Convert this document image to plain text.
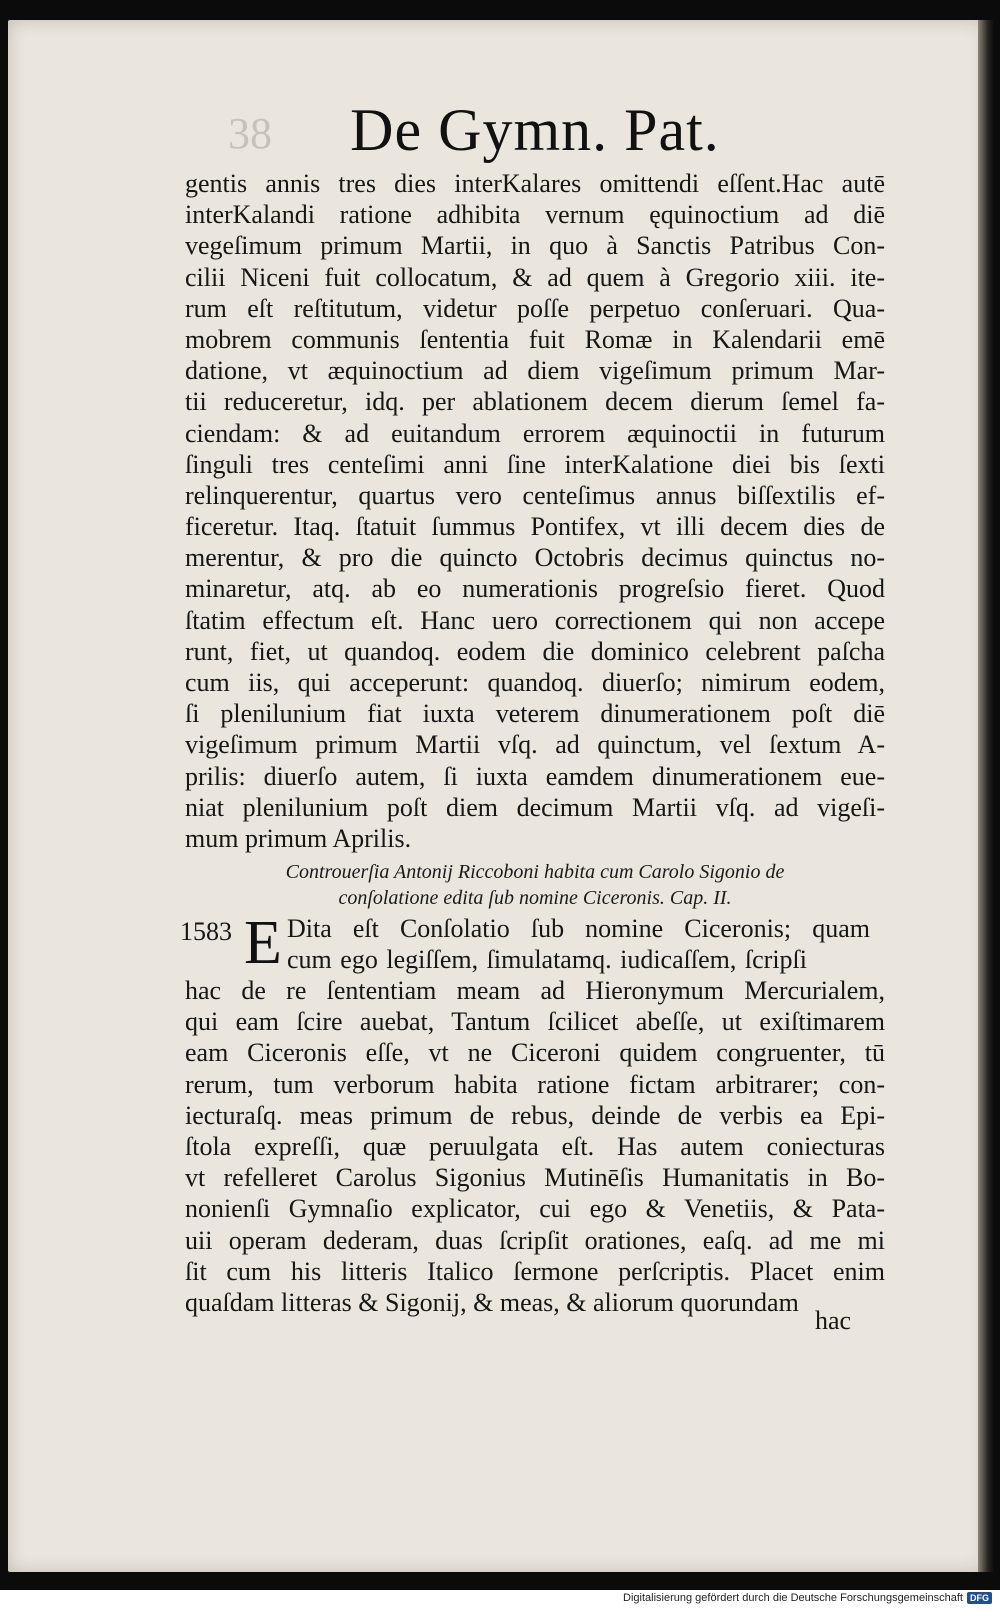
38	De Gymn. Pat.
gentis annis tres dies interKalares omittendi eſſent.Hac autē
interKalandi ratione adhibita vernum ęquinoctium ad diē
vegeſimum primum Martii, in quo à Sanctis Patribus Con-
cilii Niceni fuit collocatum, & ad quem à Gregorio xiii. ite-
rum eſt reſtitutum, videtur poſſe perpetuo conſeruari. Qua-
mobrem communis ſententia fuit Romæ in Kalendarii emē
datione, vt æquinoctium ad diem vigeſimum primum Mar-
tii reduceretur, idq. per ablationem decem dierum ſemel fa-
ciendam: & ad euitandum errorem æquinoctii in futurum
ſinguli tres centeſimi anni ſine interKalatione diei bis ſexti
relinquerentur, quartus vero centeſimus annus biſſextilis ef-
ficeretur. Itaq. ſtatuit ſummus Pontifex, vt illi decem dies de
merentur, & pro die quincto Octobris decimus quinctus no-
minaretur, atq. ab eo numerationis progreſsio fieret. Quod
ſtatim effectum eſt. Hanc uero correctionem qui non accepe
runt, fiet, ut quandoq. eodem die dominico celebrent paſcha
cum iis, qui acceperunt: quandoq. diuerſo; nimirum eodem,
ſi plenilunium fiat iuxta veterem dinumerationem poſt diē
vigeſimum primum Martii vſq. ad quinctum, vel ſextum A-
prilis: diuerſo autem, ſi iuxta eamdem dinumerationem eue-
niat plenilunium poſt diem decimum Martii vſq. ad vigeſi-
mum primum Aprilis.
Controuerſia Antonij Riccoboni habita cum Carolo Sigonio de
conſolatione edita ſub nomine Ciceronis. Cap. II.
1583 E Dita eſt Conſolatio ſub nomine Ciceronis; quam
cum ego legiſſem, ſimulatamq. iudicaſſem, ſcripſi
hac de re ſententiam meam ad Hieronymum Mercurialem,
qui eam ſcire auebat, Tantum ſcilicet abeſſe, ut exiſtimarem
eam Ciceronis eſſe, vt ne Ciceroni quidem congruenter, tū
rerum, tum verborum habita ratione fictam arbitrarer; con-
iecturaſq. meas primum de rebus, deinde de verbis ea Epi-
ſtola expreſſi, quæ peruulgata eſt. Has autem coniecturas
vt refelleret Carolus Sigonius Mutinēſis Humanitatis in Bo-
nonienſi Gymnaſio explicator, cui ego & Venetiis, & Pata-
uii operam dederam, duas ſcripſit orationes, eaſq. ad me mi
ſit cum his litteris Italico ſermone perſcriptis. Placet enim
quaſdam litteras & Sigonij, & meas, & aliorum quorundam
hac
Digitalisierung gefördert durch die Deutsche Forschungsgemeinschaft DFG
